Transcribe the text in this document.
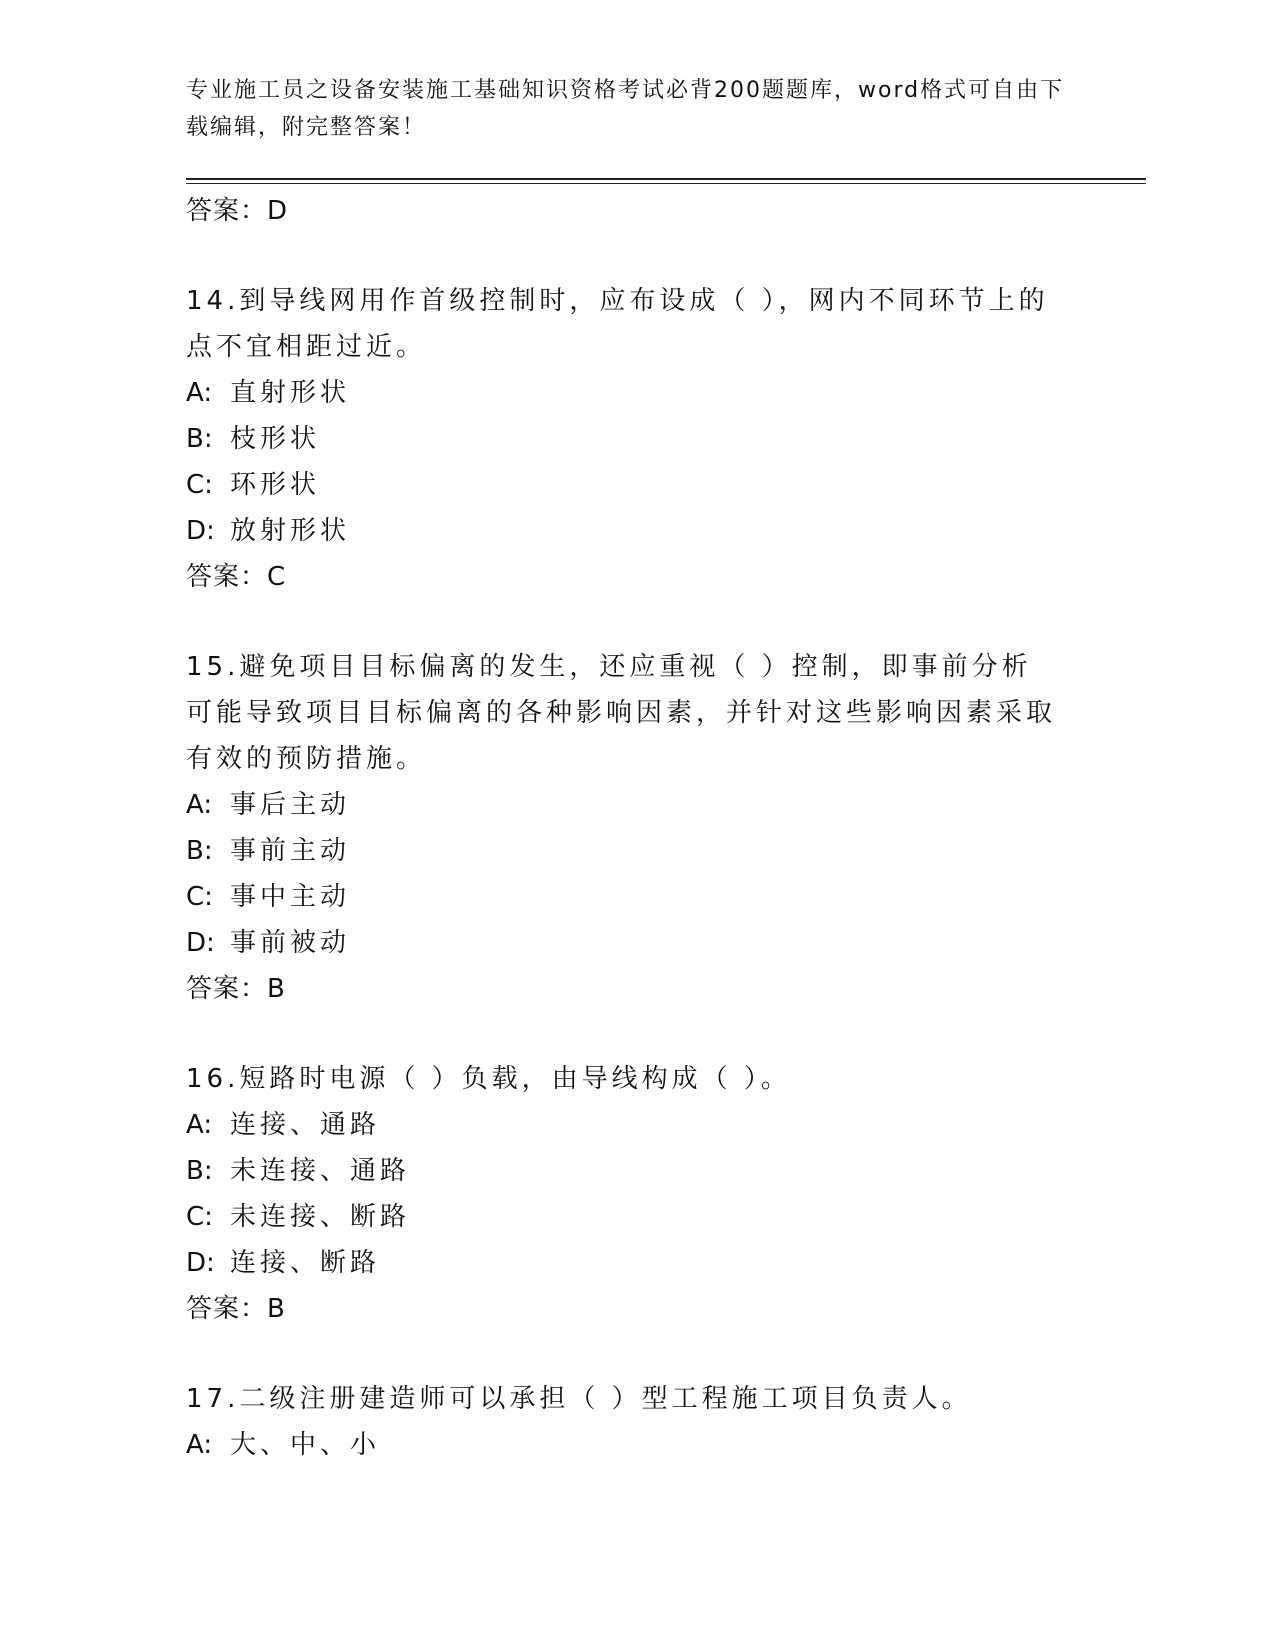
专业施工员之设备安装施工基础知识资格考试必背200题题库，word格式可自由下载编辑，附完整答案！
答案：D
14.到导线网用作首级控制时，应布设成（ ），网内不同环节上的点不宜相距过近。
A: 直射形状
B: 枝形状
C: 环形状
D: 放射形状
答案：C
15.避免项目目标偏离的发生，还应重视（ ）控制，即事前分析可能导致项目目标偏离的各种影响因素，并针对这些影响因素采取有效的预防措施。
A: 事后主动
B: 事前主动
C: 事中主动
D: 事前被动
答案：B
16.短路时电源（ ）负载，由导线构成（ ）。
A: 连接、通路
B: 未连接、通路
C: 未连接、断路
D: 连接、断路
答案：B
17.二级注册建造师可以承担（ ）型工程施工项目负责人。
A: 大、中、小
